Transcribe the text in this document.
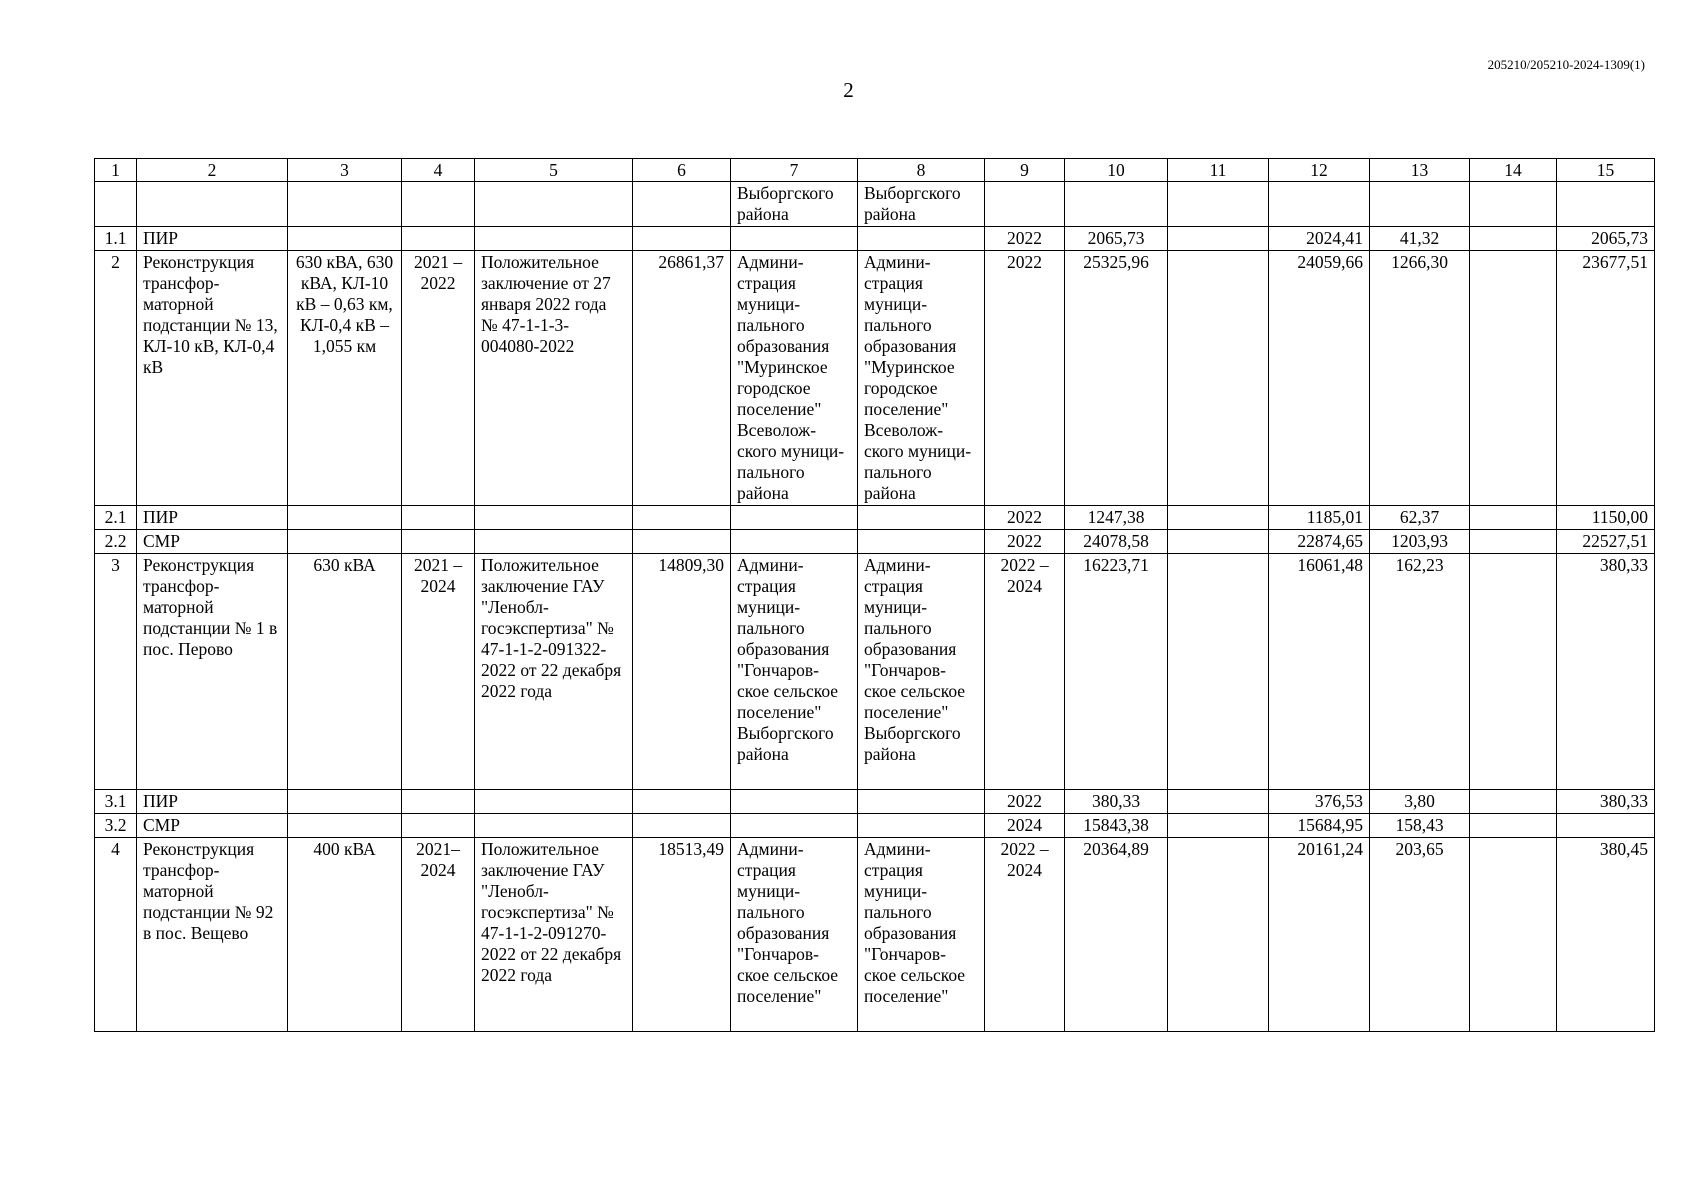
205210/205210-2024-1309(1)
2
1	2	3	4	5	6	7	8	9	10	11	12	13	14	15
						Выборгского района	Выборгского района							
1.1	ПИР							2022	2065,73		2024,41	41,32		2065,73
2	Реконструкция трансфор-маторной подстанции № 13, КЛ-10 кВ, КЛ-0,4 кВ	630 кВА, 630 кВА, КЛ-10 кВ – 0,63 км, КЛ-0,4 кВ – 1,055 км	2021 – 2022	Положительное заключение от 27 января 2022 года № 47-1-1-3-004080-2022	26861,37	Админи-страция муници-пального образования "Муринское городское поселение" Всеволож-ского муници-пального района	Админи-страция муници-пального образования "Муринское городское поселение" Всеволож-ского муници-пального района	2022	25325,96		24059,66	1266,30		23677,51
2.1	ПИР							2022	1247,38		1185,01	62,37		1150,00
2.2	СМР							2022	24078,58		22874,65	1203,93		22527,51
3	Реконструкция трансфор-маторной подстанции № 1 в пос. Перово	630 кВА	2021 – 2024	Положительное заключение ГАУ "Ленобл-госэкспертиза" № 47-1-1-2-091322-2022 от 22 декабря 2022 года	14809,30	Админи-страция муници-пального образования "Гончаров-ское сельское поселение" Выборгского района	Админи-страция муници-пального образования "Гончаров-ское сельское поселение" Выборгского района	2022 – 2024	16223,71		16061,48	162,23		380,33
3.1	ПИР							2022	380,33		376,53	3,80		380,33
3.2	СМР							2024	15843,38		15684,95	158,43		
4	Реконструкция трансфор-маторной подстанции № 92 в пос. Вещево	400 кВА	2021– 2024	Положительное заключение ГАУ "Ленобл-госэкспертиза" № 47-1-1-2-091270-2022 от 22 декабря 2022 года	18513,49	Админи-страция муници-пального образования "Гончаров-ское сельское поселение"	Админи-страция муници-пального образования "Гончаров-ское сельское поселение"	2022 – 2024	20364,89		20161,24	203,65		380,45
